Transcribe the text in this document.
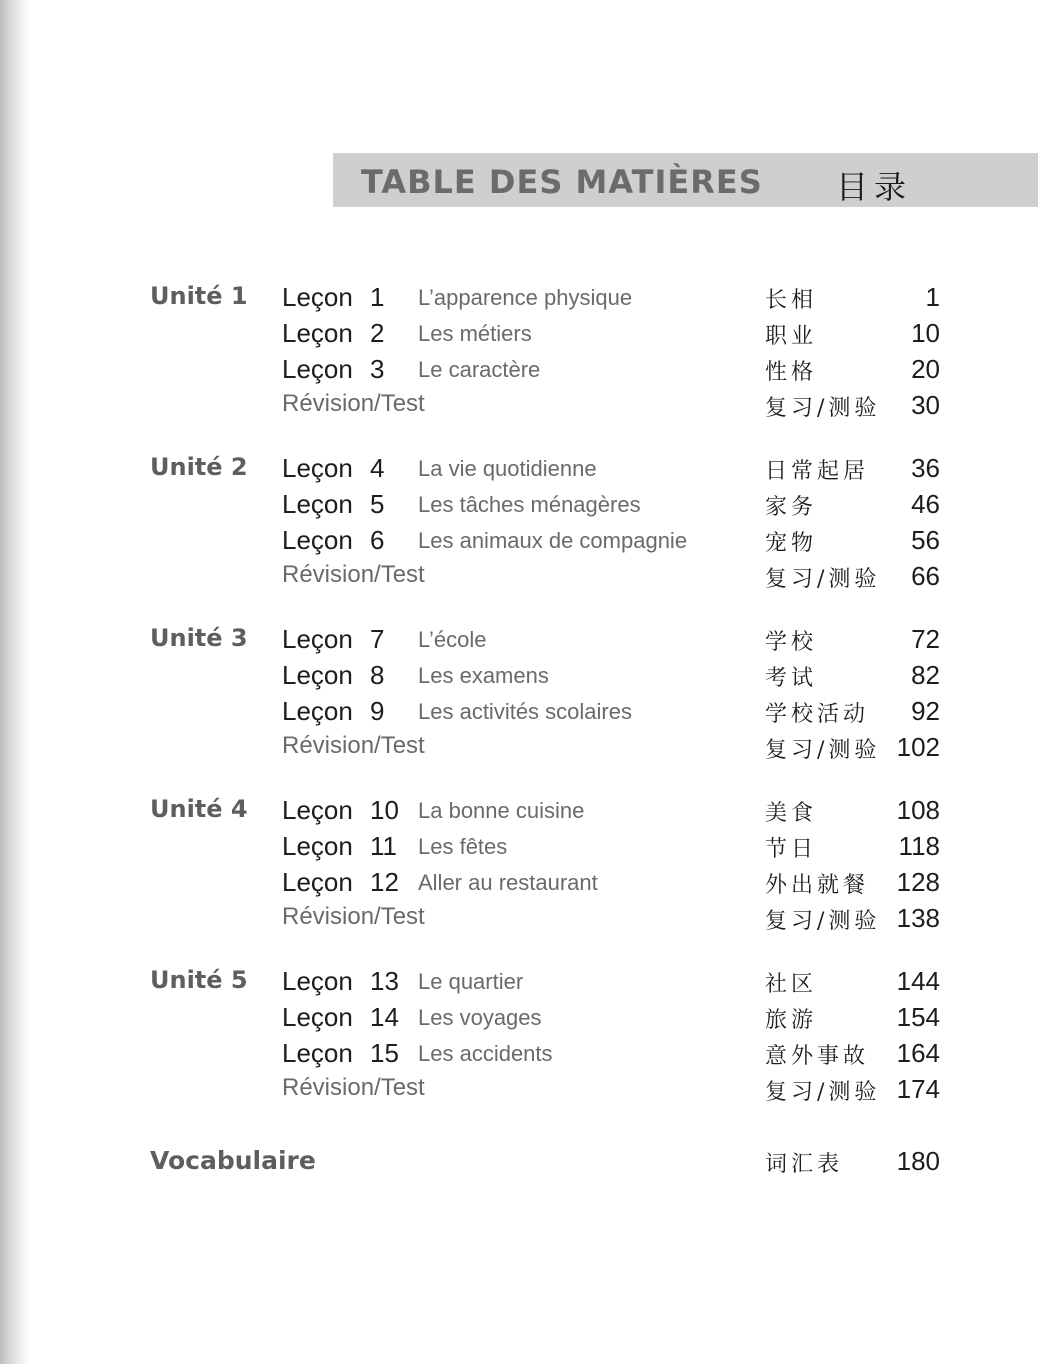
TABLE DES MATIÈRES 目录
Unité 1 Leçon 1	L’apparence physique	长相	1
Leçon 2	Les métiers	职业	10
Leçon 3	Le caractère	性格	20
Révision/Test	复习/测验	30
Unité 2 Leçon 4	La vie quotidienne	日常起居	36
Leçon 5	Les tâches ménagères	家务	46
Leçon 6	Les animaux de compagnie	宠物	56
Révision/Test	复习/测验	66
Unité 3 Leçon 7	L’école	学校	72
Leçon 8	Les examens	考试	82
Leçon 9	Les activités scolaires	学校活动	92
Révision/Test	复习/测验 102
Unité 4 Leçon 10 La bonne cuisine	美食	108
Leçon 11 Les fêtes	节日	118
Leçon 12 Aller au restaurant	外出就餐	128
Révision/Test	复习/测验 138
Unité 5 Leçon 13 Le quartier	社区	144
Leçon 14 Les voyages	旅游	154
Leçon 15 Les accidents	意外事故	164
Révision/Test	复习/测验 174
Vocabulaire	词汇表	180
